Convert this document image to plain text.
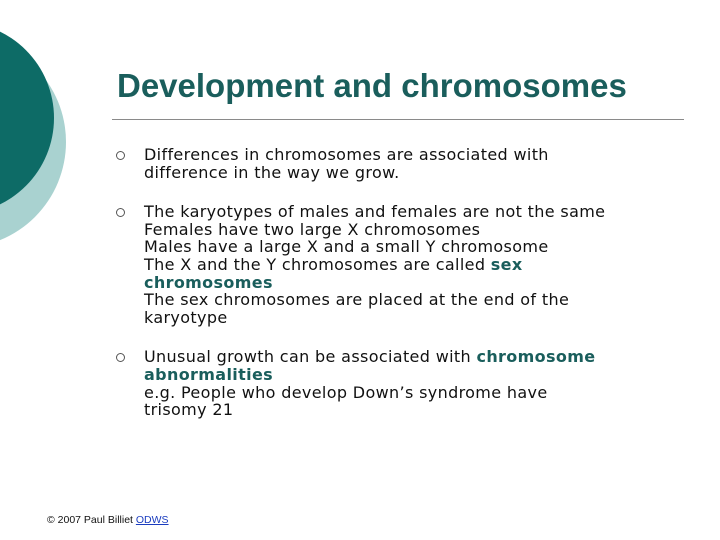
Development and chromosomes
Differences in chromosomes are associated with
difference in the way we grow.
The karyotypes of males and females are not the same
Females have two large X chromosomes
Males have a large X and a small Y chromosome
The X and the Y chromosomes are called sex
chromosomes
The sex chromosomes are placed at the end of the
karyotype
Unusual growth can be associated with chromosome
abnormalities
e.g. People who develop Down’s syndrome have
trisomy 21
© 2007 Paul Billiet ODWS
